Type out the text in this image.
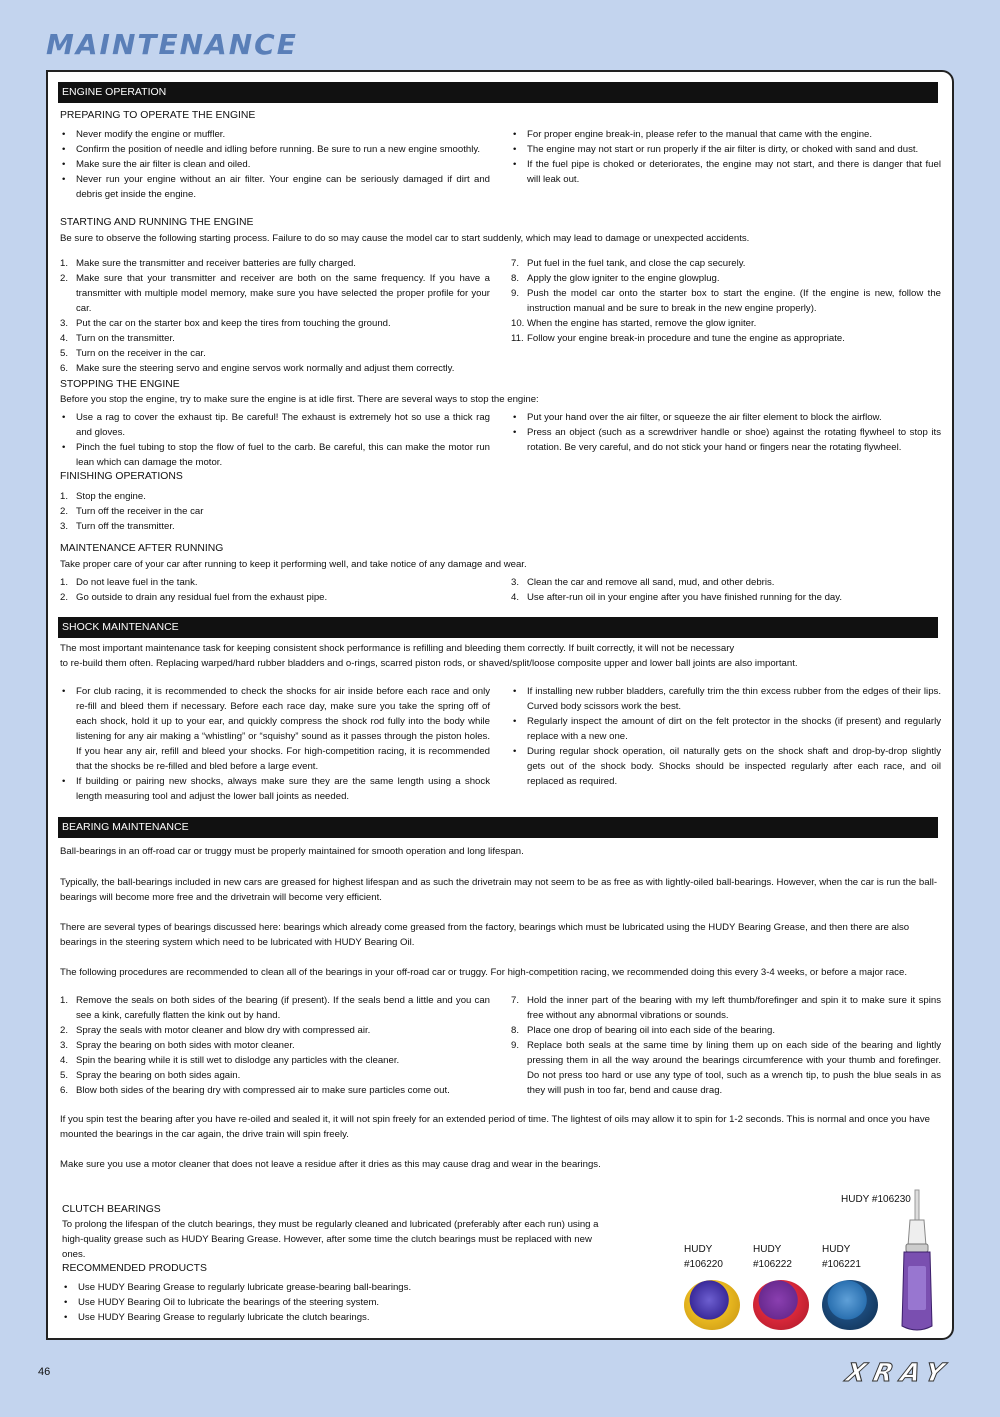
MAINTENANCE
ENGINE OPERATION
PREPARING TO OPERATE THE ENGINE
• Never modify the engine or muffler.
• Confirm the position of needle and idling before running. Be sure to run a new engine smoothly.
• Make sure the air filter is clean and oiled.
• Never run your engine without an air filter. Your engine can be seriously damaged if dirt and debris get inside the engine.
• For proper engine break-in, please refer to the manual that came with the engine.
• The engine may not start or run properly if the air filter is dirty, or choked with sand and dust.
• If the fuel pipe is choked or deteriorates, the engine may not start, and there is danger that fuel will leak out.
STARTING AND RUNNING THE ENGINE
Be sure to observe the following starting process. Failure to do so may cause the model car to start suddenly, which may lead to damage or unexpected accidents.
1. Make sure the transmitter and receiver batteries are fully charged.
2. Make sure that your transmitter and receiver are both on the same frequency. If you have a transmitter with multiple model memory, make sure you have selected the proper profile for your car.
3. Put the car on the starter box and keep the tires from touching the ground.
4. Turn on the transmitter.
5. Turn on the receiver in the car.
6. Make sure the steering servo and engine servos work normally and adjust them correctly.
7. Put fuel in the fuel tank, and close the cap securely.
8. Apply the glow igniter to the engine glowplug.
9. Push the model car onto the starter box to start the engine. (If the engine is new, follow the instruction manual and be sure to break in the new engine properly).
10. When the engine has started, remove the glow igniter.
11. Follow your engine break-in procedure and tune the engine as appropriate.
STOPPING THE ENGINE
Before you stop the engine, try to make sure the engine is at idle first. There are several ways to stop the engine:
• Use a rag to cover the exhaust tip. Be careful! The exhaust is extremely hot so use a thick rag and gloves.
• Pinch the fuel tubing to stop the flow of fuel to the carb. Be careful, this can make the motor run lean which can damage the motor.
• Put your hand over the air filter, or squeeze the air filter element to block the airflow.
• Press an object (such as a screwdriver handle or shoe) against the rotating flywheel to stop its rotation. Be very careful, and do not stick your hand or fingers near the rotating flywheel.
FINISHING OPERATIONS
1. Stop the engine.
2. Turn off the receiver in the car
3. Turn off the transmitter.
MAINTENANCE AFTER RUNNING
Take proper care of your car after running to keep it performing well, and take notice of any damage and wear.
1. Do not leave fuel in the tank.
2. Go outside to drain any residual fuel from the exhaust pipe.
3. Clean the car and remove all sand, mud, and other debris.
4. Use after-run oil in your engine after you have finished running for the day.
SHOCK MAINTENANCE
The most important maintenance task for keeping consistent shock performance is refilling and bleeding them correctly. If built correctly, it will not be necessary
to re-build them often. Replacing warped/hard rubber bladders and o-rings, scarred piston rods, or shaved/split/loose composite upper and lower ball joints are also important.
• For club racing, it is recommended to check the shocks for air inside before each race and only re-fill and bleed them if necessary. Before each race day, make sure you take the spring off of each shock, hold it up to your ear, and quickly compress the shock rod fully into the body while listening for any air making a “whistling” or “squishy” sound as it passes through the piston holes. If you hear any air, refill and bleed your shocks. For high-competition racing, it is recommended that the shocks be re-filled and bled before a large event.
• If building or pairing new shocks, always make sure they are the same length using a shock length measuring tool and adjust the lower ball joints as needed.
• If installing new rubber bladders, carefully trim the thin excess rubber from the edges of their lips. Curved body scissors work the best.
• Regularly inspect the amount of dirt on the felt protector in the shocks (if present) and regularly replace with a new one.
• During regular shock operation, oil naturally gets on the shock shaft and drop-by-drop slightly gets out of the shock body. Shocks should be inspected regularly after each race, and oil replaced as required.
BEARING MAINTENANCE
Ball-bearings in an off-road car or truggy must be properly maintained for smooth operation and long lifespan.
Typically, the ball-bearings included in new cars are greased for highest lifespan and as such the drivetrain may not seem to be as free as with lightly-oiled ball-bearings. However, when the car is run the ball-bearings will become more free and the drivetrain will become very efficient.
There are several types of bearings discussed here: bearings which already come greased from the factory, bearings which must be lubricated using the HUDY Bearing Grease, and then there are also bearings in the steering system which need to be lubricated with HUDY Bearing Oil.
The following procedures are recommended to clean all of the bearings in your off-road car or truggy. For high-competition racing, we recommended doing this every 3-4 weeks, or before a major race.
1. Remove the seals on both sides of the bearing (if present). If the seals bend a little and you can see a kink, carefully flatten the kink out by hand.
2. Spray the seals with motor cleaner and blow dry with compressed air.
3. Spray the bearing on both sides with motor cleaner.
4. Spin the bearing while it is still wet to dislodge any particles with the cleaner.
5. Spray the bearing on both sides again.
6. Blow both sides of the bearing dry with compressed air to make sure particles come out.
7. Hold the inner part of the bearing with my left thumb/forefinger and spin it to make sure it spins free without any abnormal vibrations or sounds.
8. Place one drop of bearing oil into each side of the bearing.
9. Replace both seals at the same time by lining them up on each side of the bearing and lightly pressing them in all the way around the bearings circumference with your thumb and forefinger. Do not press too hard or use any type of tool, such as a wrench tip, to push the blue seals in as they will push in too far, bend and cause drag.
If you spin test the bearing after you have re-oiled and sealed it, it will not spin freely for an extended period of time. The lightest of oils may allow it to spin for 1-2 seconds. This is normal and once you have mounted the bearings in the car again, the drive train will spin freely.
Make sure you use a motor cleaner that does not leave a residue after it dries as this may cause drag and wear in the bearings.
CLUTCH BEARINGS
To prolong the lifespan of the clutch bearings, they must be regularly cleaned and lubricated (preferably after each run) using a high-quality grease such as HUDY Bearing Grease. However, after some time the clutch bearings must be replaced with new ones.
RECOMMENDED PRODUCTS
• Use HUDY Bearing Grease to regularly lubricate grease-bearing ball-bearings.
• Use HUDY Bearing Oil to lubricate the bearings of the steering system.
• Use HUDY Bearing Grease to regularly lubricate the clutch bearings.
HUDY
#106220
HUDY
#106222
HUDY
#106221
HUDY #106230
46	XRAY
